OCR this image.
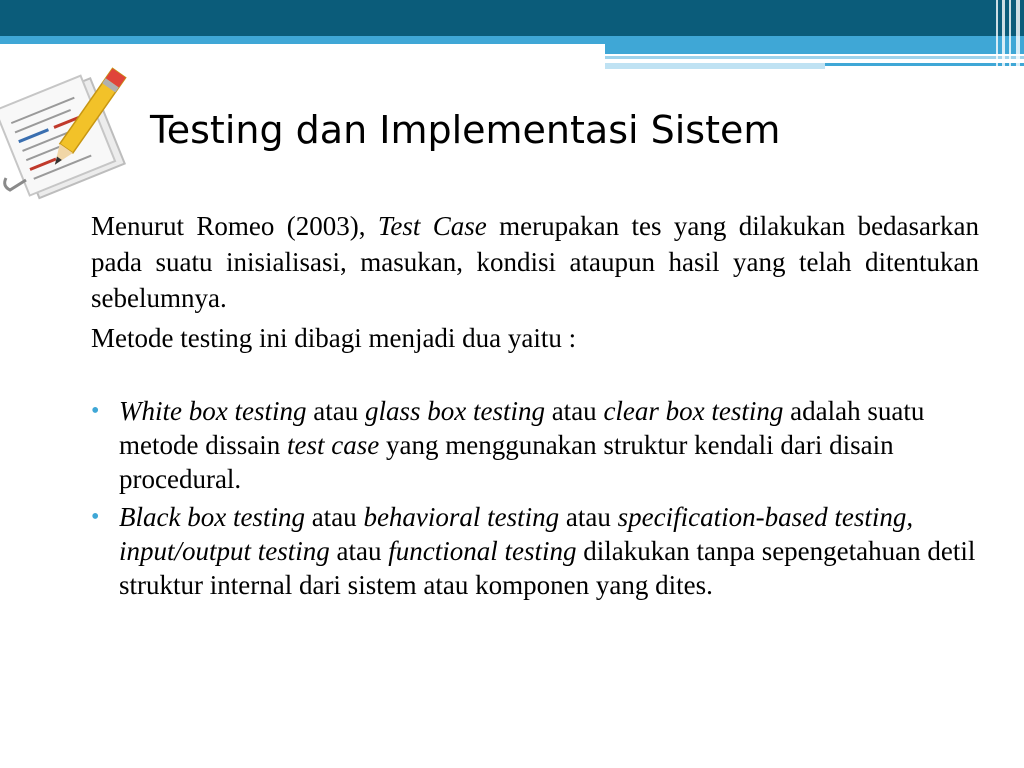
Testing dan Implementasi Sistem

Menurut Romeo (2003), Test Case merupakan tes yang dilakukan bedasarkan pada suatu inisialisasi, masukan, kondisi ataupun hasil yang telah ditentukan sebelumnya.

Metode testing ini dibagi menjadi dua yaitu :

• White box testing atau glass box testing atau clear box testing adalah suatu metode dissain test case yang menggunakan struktur kendali dari disain procedural.
• Black box testing atau behavioral testing atau specification-based testing, input/output testing atau functional testing dilakukan tanpa sepengetahuan detil struktur internal dari sistem atau komponen yang dites.
